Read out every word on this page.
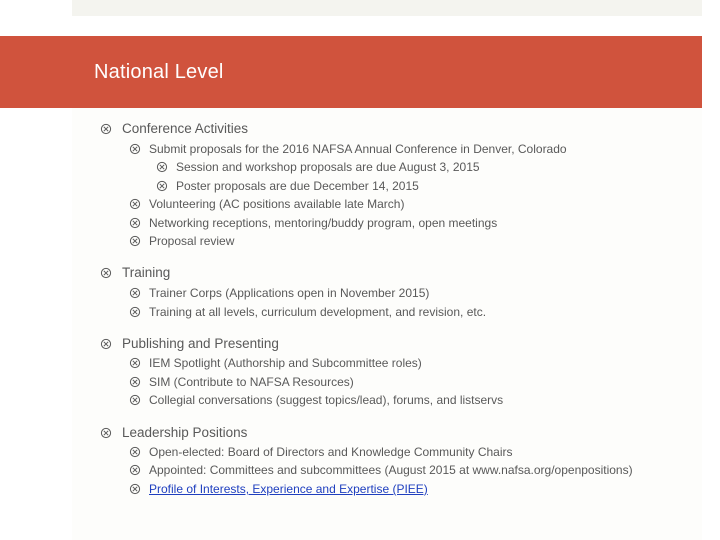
National Level
Conference Activities
Submit proposals for the 2016 NAFSA Annual Conference in Denver, Colorado
Session and workshop proposals are due August 3, 2015
Poster proposals are due December 14, 2015
Volunteering (AC positions available late March)
Networking receptions, mentoring/buddy program, open meetings
Proposal review
Training
Trainer Corps (Applications open in November 2015)
Training at all levels, curriculum development, and revision, etc.
Publishing and Presenting
IEM Spotlight (Authorship and Subcommittee roles)
SIM (Contribute to NAFSA Resources)
Collegial conversations (suggest topics/lead), forums, and listservs
Leadership Positions
Open-elected: Board of Directors and Knowledge Community Chairs
Appointed: Committees and subcommittees (August 2015 at www.nafsa.org/openpositions)
Profile of Interests, Experience and Expertise (PIEE)
